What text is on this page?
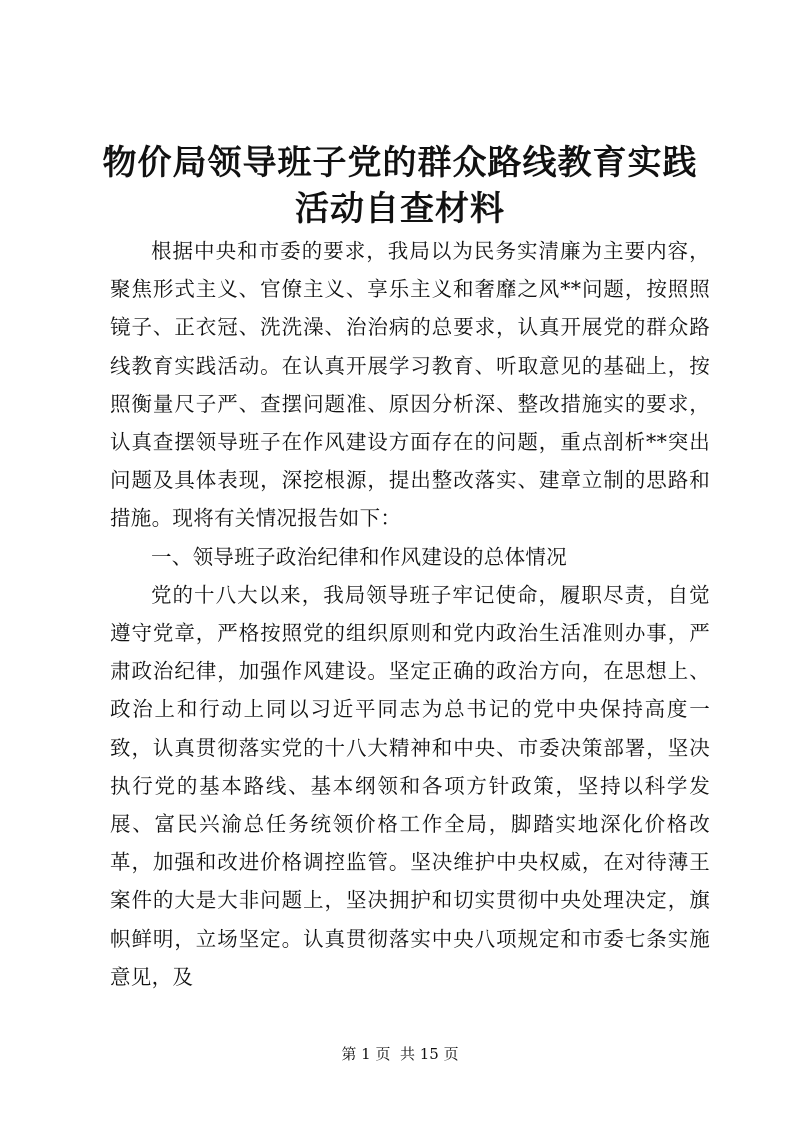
物价局领导班子党的群众路线教育实践活动自查材料

根据中央和市委的要求，我局以为民务实清廉为主要内容，聚焦形式主义、官僚主义、享乐主义和奢靡之风**问题，按照照镜子、正衣冠、洗洗澡、治治病的总要求，认真开展党的群众路线教育实践活动。在认真开展学习教育、听取意见的基础上，按照衡量尺子严、查摆问题准、原因分析深、整改措施实的要求，认真查摆领导班子在作风建设方面存在的问题，重点剖析**突出问题及具体表现，深挖根源，提出整改落实、建章立制的思路和措施。现将有关情况报告如下：

一、领导班子政治纪律和作风建设的总体情况

党的十八大以来，我局领导班子牢记使命，履职尽责，自觉遵守党章，严格按照党的组织原则和党内政治生活准则办事，严肃政治纪律，加强作风建设。坚定正确的政治方向，在思想上、政治上和行动上同以习近平同志为总书记的党中央保持高度一致，认真贯彻落实党的十八大精神和中央、市委决策部署，坚决执行党的基本路线、基本纲领和各项方针政策，坚持以科学发展、富民兴渝总任务统领价格工作全局，脚踏实地深化价格改革，加强和改进价格调控监管。坚决维护中央权威，在对待薄王案件的大是大非问题上，坚决拥护和切实贯彻中央处理决定，旗帜鲜明，立场坚定。认真贯彻落实中央八项规定和市委七条实施意见，及

第 1 页  共 15 页
